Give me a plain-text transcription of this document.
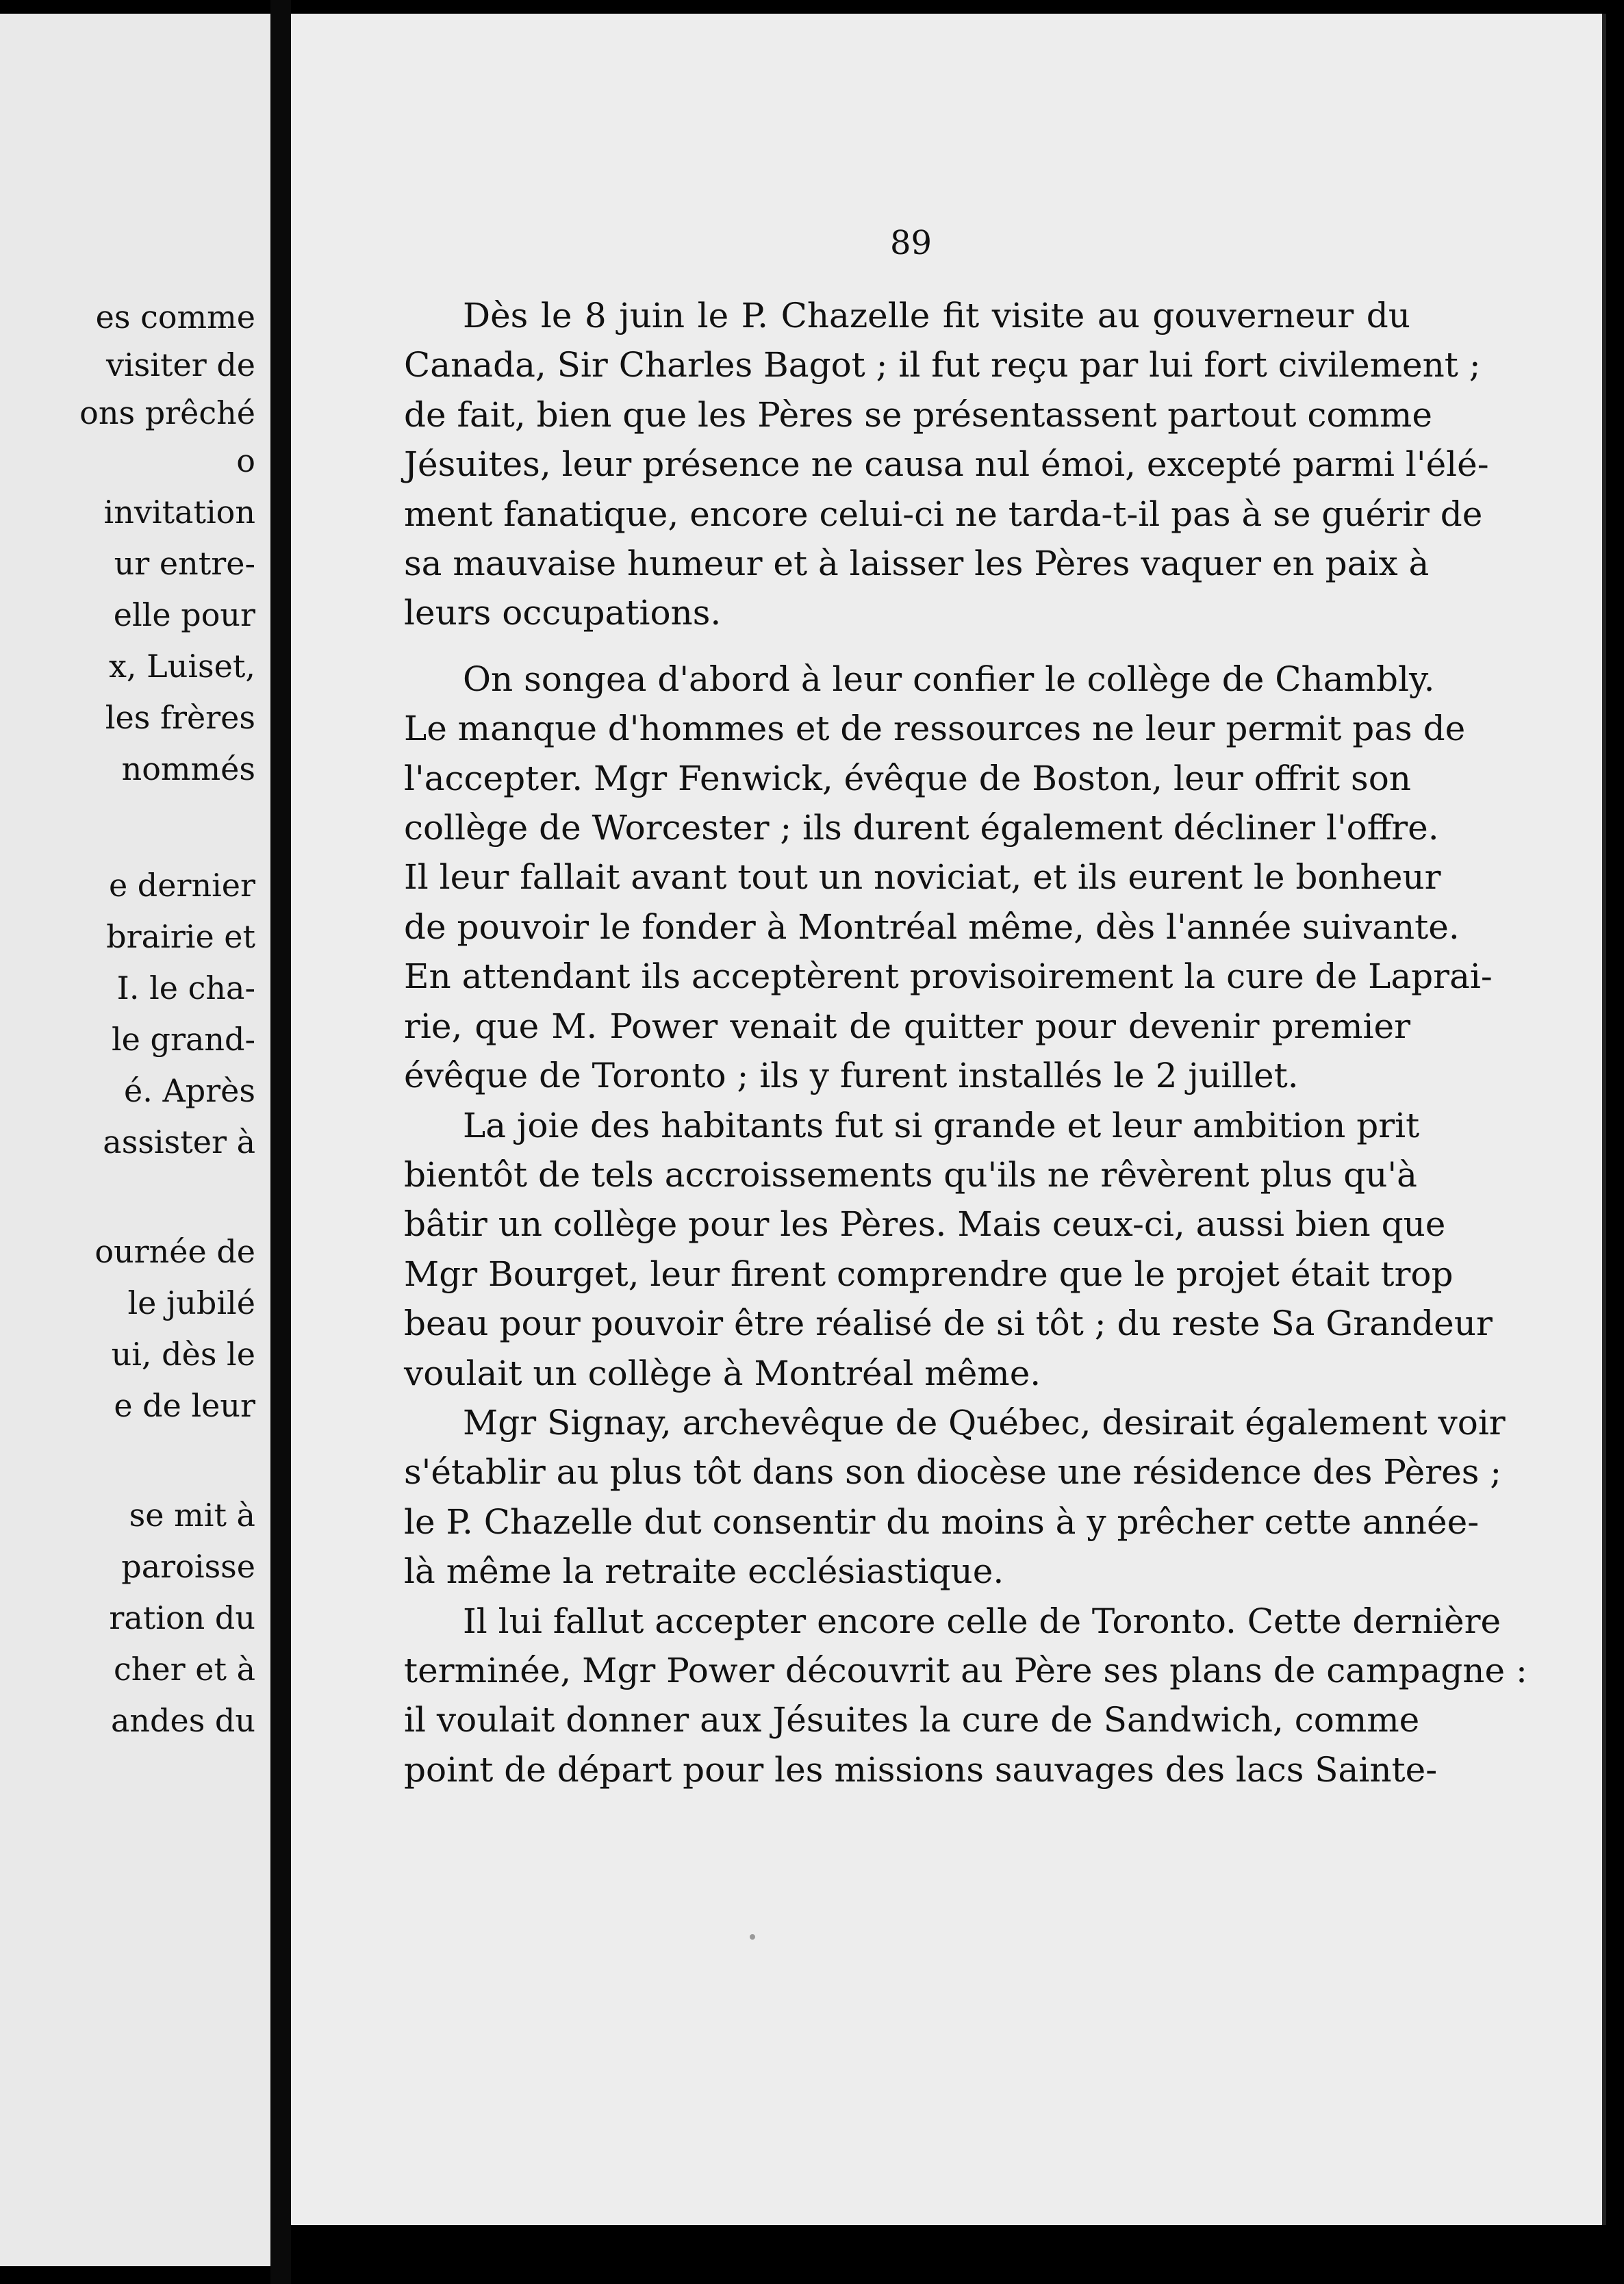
es comme
visiter de
ons prêché
o
invitation
ur entre-
elle pour
x, Luiset,
les frères
nommés
e dernier
brairie et
I. le cha-
le grand-
é. Après
assister à
ournée de
le jubilé
ui, dès le
e de leur
se mit à
paroisse
ration du
cher et à
andes du
89

Dès le 8 juin le P. Chazelle fit visite au gouverneur du
Canada, Sir Charles Bagot ; il fut reçu par lui fort civilement ;
de fait, bien que les Pères se présentassent partout comme
Jésuites, leur présence ne causa nul émoi, excepté parmi l'élé-
ment fanatique, encore celui-ci ne tarda-t-il pas à se guérir de
sa mauvaise humeur et à laisser les Pères vaquer en paix à
leurs occupations.

On songea d'abord à leur confier le collège de Chambly.
Le manque d'hommes et de ressources ne leur permit pas de
l'accepter. Mgr Fenwick, évêque de Boston, leur offrit son
collège de Worcester ; ils durent également décliner l'offre.
Il leur fallait avant tout un noviciat, et ils eurent le bonheur
de pouvoir le fonder à Montréal même, dès l'année suivante.
En attendant ils acceptèrent provisoirement la cure de Laprai-
rie, que M. Power venait de quitter pour devenir premier
évêque de Toronto ; ils y furent installés le 2 juillet.

La joie des habitants fut si grande et leur ambition prit
bientôt de tels accroissements qu'ils ne rêvèrent plus qu'à
bâtir un collège pour les Pères. Mais ceux-ci, aussi bien que
Mgr Bourget, leur firent comprendre que le projet était trop
beau pour pouvoir être réalisé de si tôt ; du reste Sa Grandeur
voulait un collège à Montréal même.

Mgr Signay, archevêque de Québec, desirait également voir
s'établir au plus tôt dans son diocèse une résidence des Pères ;
le P. Chazelle dut consentir du moins à y prêcher cette année-
là même la retraite ecclésiastique.

Il lui fallut accepter encore celle de Toronto. Cette dernière
terminée, Mgr Power découvrit au Père ses plans de campagne :
il voulait donner aux Jésuites la cure de Sandwich, comme
point de départ pour les missions sauvages des lacs Sainte-
